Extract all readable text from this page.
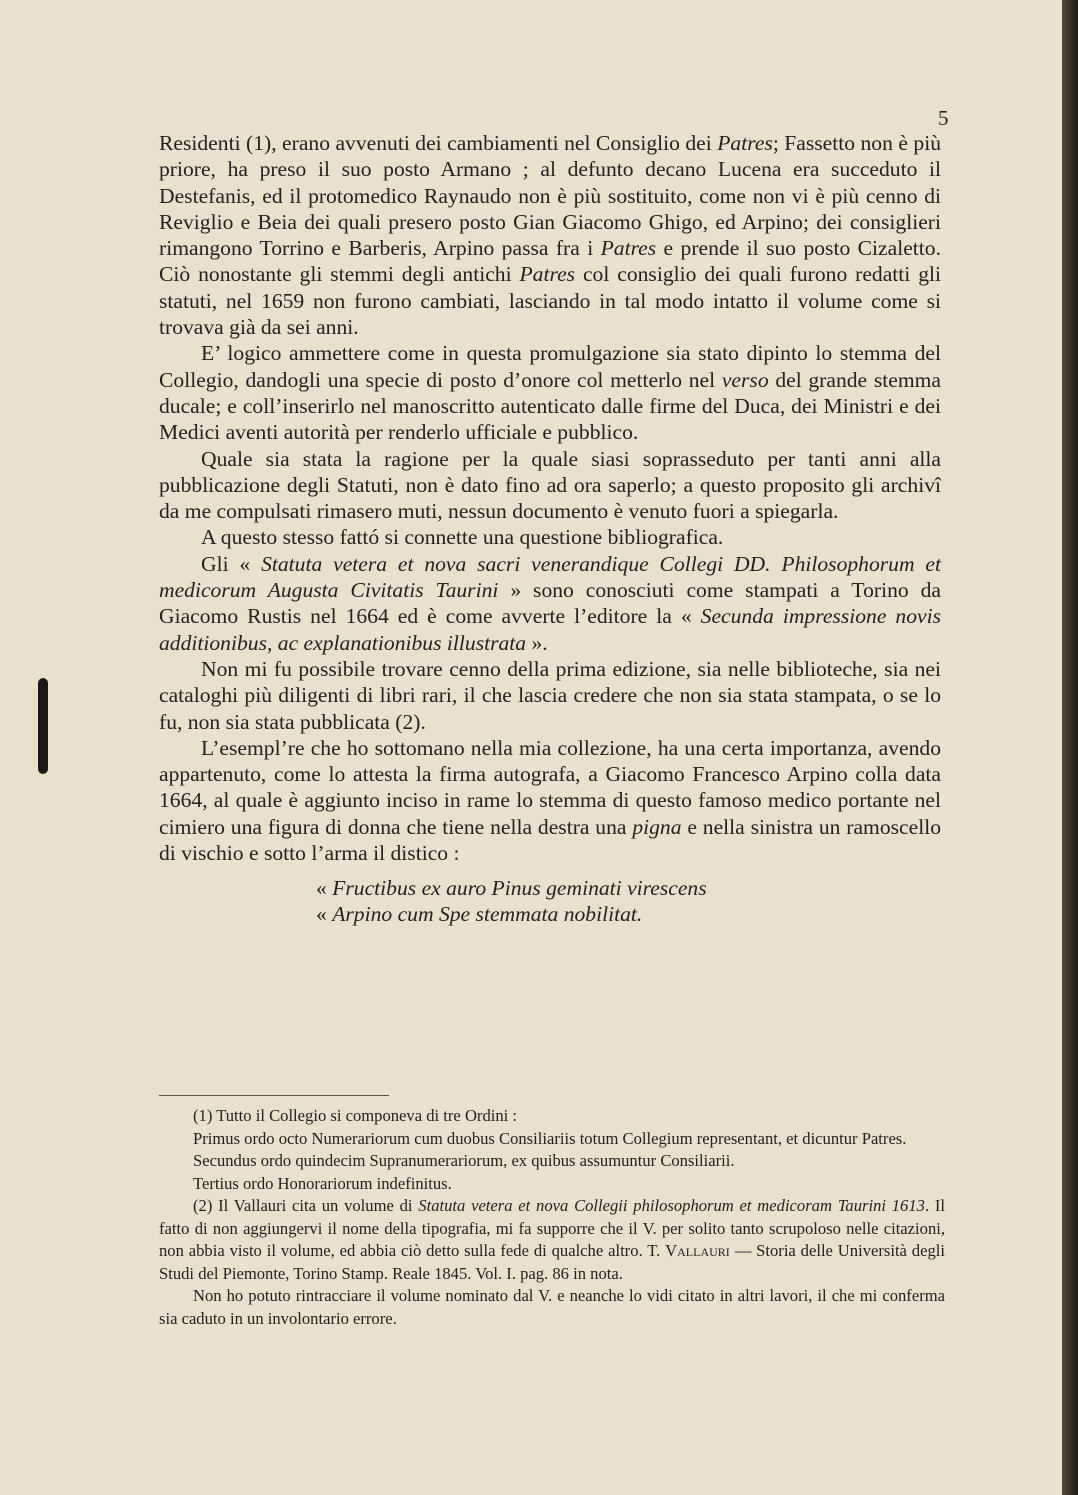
5

Residenti (1), erano avvenuti dei cambiamenti nel Consiglio dei Patres; Fassetto non è più priore, ha preso il suo posto Armano ; al defunto decano Lucena era succeduto il Destefanis, ed il protomedico Raynaudo non è più sostituito, come non vi è più cenno di Reviglio e Beia dei quali presero posto Gian Giacomo Ghigo, ed Arpino; dei consiglieri rimangono Torrino e Barberis, Arpino passa fra i Patres e prende il suo posto Cizaletto. Ciò nonostante gli stemmi degli antichi Patres col consiglio dei quali furono redatti gli statuti, nel 1659 non furono cambiati, lasciando in tal modo intatto il volume come si trovava già da sei anni.

E’ logico ammettere come in questa promulgazione sia stato dipinto lo stemma del Collegio, dandogli una specie di posto d’onore col metterlo nel verso del grande stemma ducale; e coll’inserirlo nel manoscritto autenticato dalle firme del Duca, dei Ministri e dei Medici aventi autorità per renderlo ufficiale e pubblico.

Quale sia stata la ragione per la quale siasi soprasseduto per tanti anni alla pubblicazione degli Statuti, non è dato fino ad ora saperlo; a questo proposito gli archivî da me compulsati rimasero muti, nessun documento è venuto fuori a spiegarla.

A questo stesso fattó si connette una questione bibliografica.

Gli « Statuta vetera et nova sacri venerandique Collegi DD. Philosophorum et medicorum Augusta Civitatis Taurini » sono conosciuti come stampati a Torino da Giacomo Rustis nel 1664 ed è come avverte l’editore la « Secunda impressione novis additionibus, ac explanationibus illustrata ».

Non mi fu possibile trovare cenno della prima edizione, sia nelle biblioteche, sia nei cataloghi più diligenti di libri rari, il che lascia credere che non sia stata stampata, o se lo fu, non sia stata pubblicata (2).

L’esempl’re che ho sottomano nella mia collezione, ha una certa importanza, avendo appartenuto, come lo attesta la firma autografa, a Giacomo Francesco Arpino colla data 1664, al quale è aggiunto inciso in rame lo stemma di questo famoso medico portante nel cimiero una figura di donna che tiene nella destra una pigna e nella sinistra un ramoscello di vischio e sotto l’arma il distico :

« Fructibus ex auro Pinus geminati virescens
« Arpino cum Spe stemmata nobilitat.

(1) Tutto il Collegio si componeva di tre Ordini :

Primus ordo octo Numerariorum cum duobus Consiliariis totum Collegium representant, et dicuntur Patres.

Secundus ordo quindecim Supranumerariorum, ex quibus assumuntur Consiliarii.

Tertius ordo Honorariorum indefinitus.

(2) Il Vallauri cita un volume di Statuta vetera et nova Collegii philosophorum et medicoram Taurini 1613. Il fatto di non aggiungervi il nome della tipografia, mi fa supporre che il V. per solito tanto scrupoloso nelle citazioni, non abbia visto il volume, ed abbia ciò detto sulla fede di qualche altro. T. Vallauri — Storia delle Università degli Studi del Piemonte, Torino Stamp. Reale 1845. Vol. I. pag. 86 in nota.

Non ho potuto rintracciare il volume nominato dal V. e neanche lo vidi citato in altri lavori, il che mi conferma sia caduto in un involontario errore.
